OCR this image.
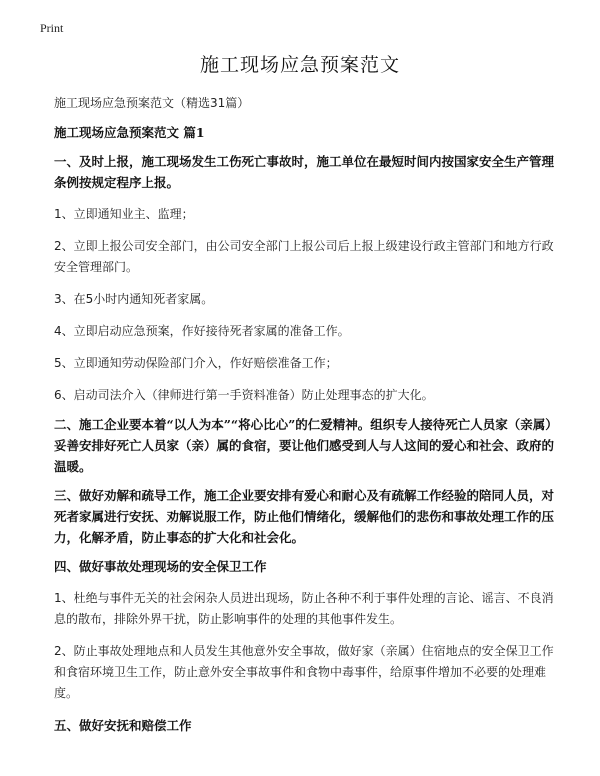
Print
施工现场应急预案范文

施工现场应急预案范文（精选31篇）

施工现场应急预案范文 篇1

一、及时上报，施工现场发生工伤死亡事故时，施工单位在最短时间内按国家安全生产管理条例按规定程序上报。

1、立即通知业主、监理；

2、立即上报公司安全部门，由公司安全部门上报公司后上报上级建设行政主管部门和地方行政安全管理部门。

3、在5小时内通知死者家属。

4、立即启动应急预案，作好接待死者家属的准备工作。

5、立即通知劳动保险部门介入，作好赔偿准备工作；

6、启动司法介入（律师进行第一手资料准备）防止处理事态的扩大化。

二、施工企业要本着“以人为本”“将心比心”的仁爱精神。组织专人接待死亡人员家（亲属）妥善安排好死亡人员家（亲）属的食宿，要让他们感受到人与人这间的爱心和社会、政府的温暖。

三、做好劝解和疏导工作，施工企业要安排有爱心和耐心及有疏解工作经验的陪同人员，对死者家属进行安抚、劝解说服工作，防止他们情绪化，缓解他们的悲伤和事故处理工作的压力，化解矛盾，防止事态的扩大化和社会化。

四、做好事故处理现场的安全保卫工作

1、杜绝与事件无关的社会闲杂人员进出现场，防止各种不利于事件处理的言论、谣言、不良消息的散布，排除外界干扰，防止影响事件的处理的其他事件发生。

2、防止事故处理地点和人员发生其他意外安全事故，做好家（亲属）住宿地点的安全保卫工作和食宿环境卫生工作，防止意外安全事故事件和食物中毒事件，给原事件增加不必要的处理难度。

五、做好安抚和赔偿工作
